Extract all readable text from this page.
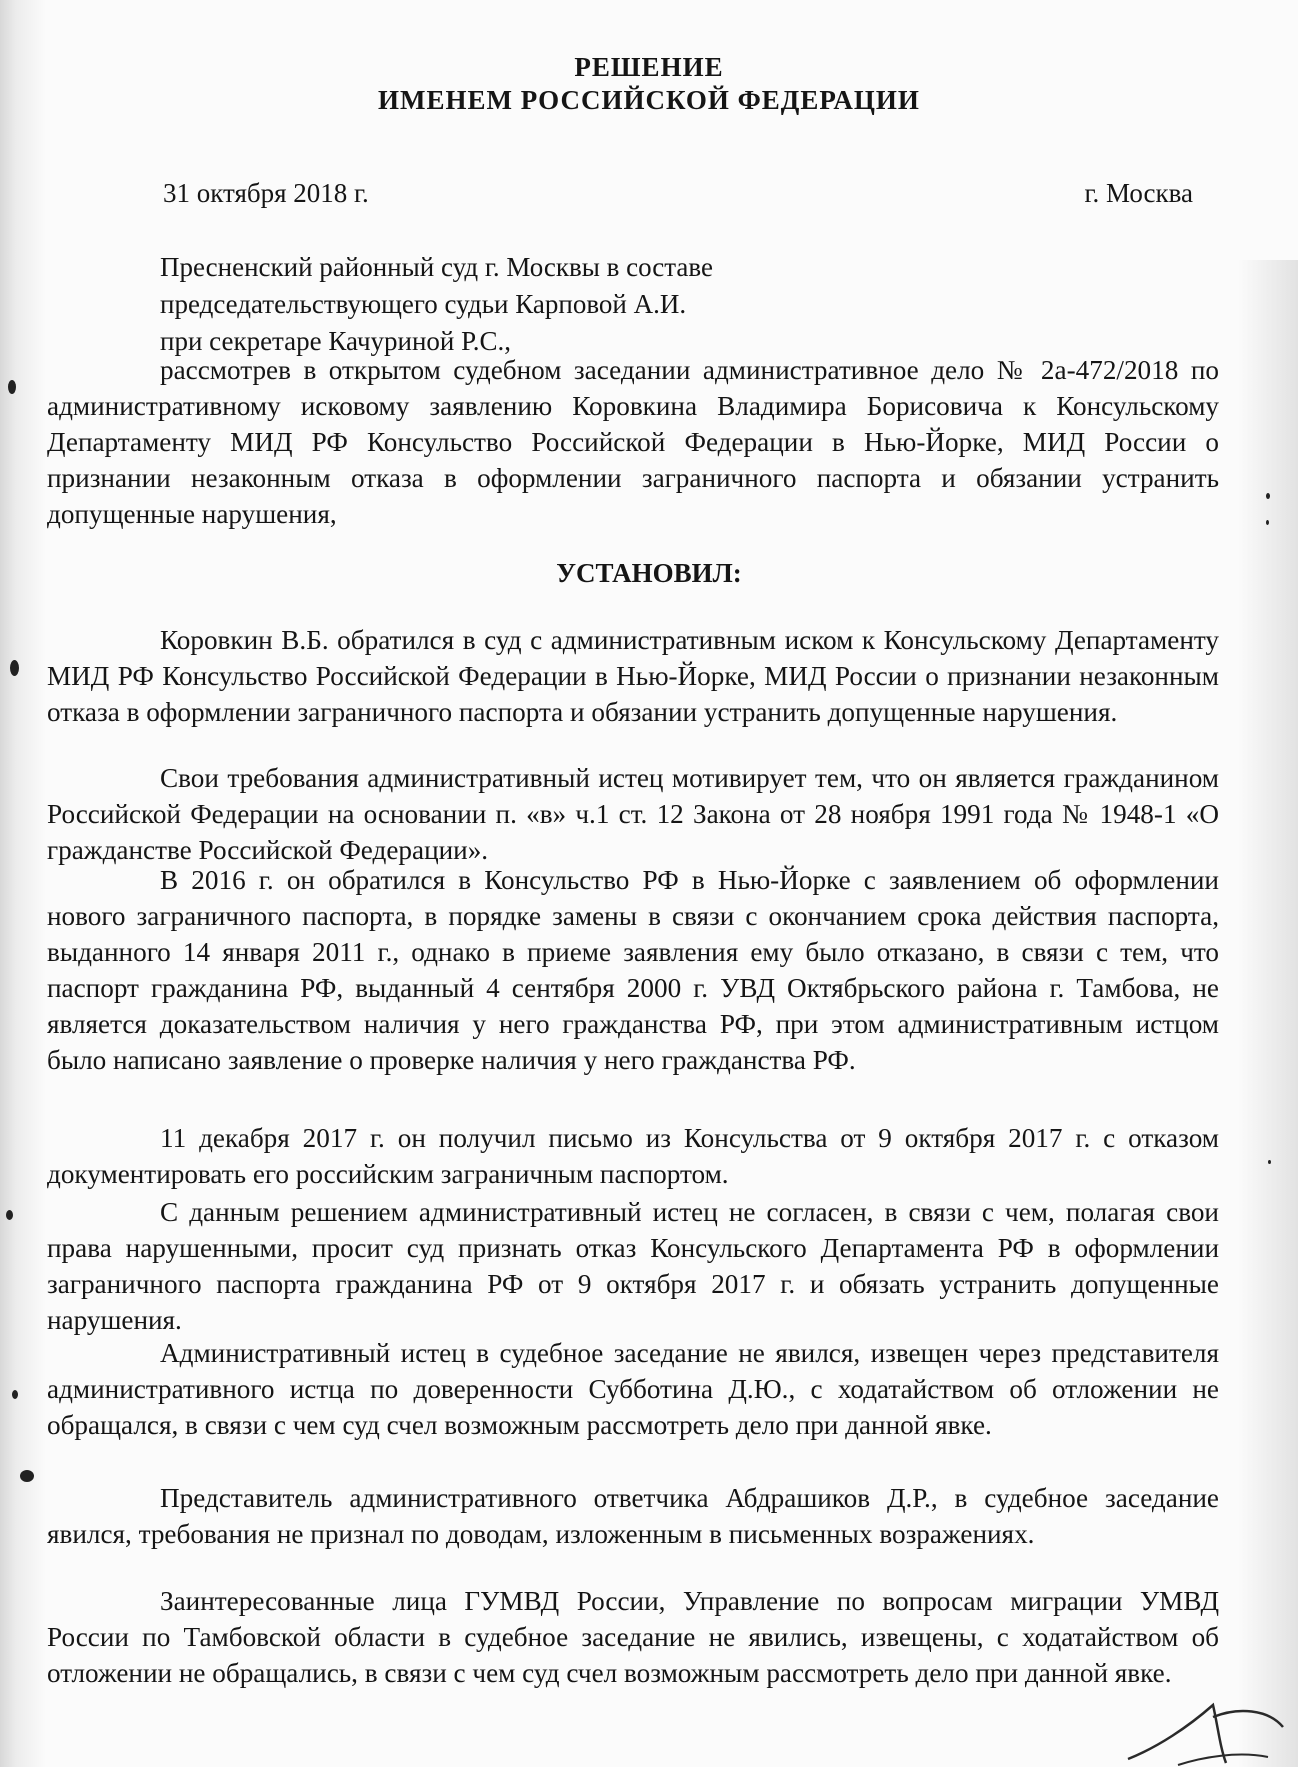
РЕШЕНИЕ
ИМЕНЕМ РОССИЙСКОЙ ФЕДЕРАЦИИ
31 октября 2018 г.	г. Москва
Пресненский районный суд г. Москвы в составе
председательствующего судьи Карповой А.И.
при секретаре Качуриной Р.С.,

рассмотрев в открытом судебном заседании административное дело № 2а-472/2018 по административному исковому заявлению Коровкина Владимира Борисовича к Консульскому Департаменту МИД РФ Консульство Российской Федерации в Нью-Йорке, МИД России о признании незаконным отказа в оформлении заграничного паспорта и обязании устранить допущенные нарушения,

УСТАНОВИЛ:

Коровкин В.Б. обратился в суд с административным иском к Консульскому Департаменту МИД РФ Консульство Российской Федерации в Нью-Йорке, МИД России о признании незаконным отказа в оформлении заграничного паспорта и обязании устранить допущенные нарушения.

Свои требования административный истец мотивирует тем, что он является гражданином Российской Федерации на основании п. «в» ч.1 ст. 12 Закона от 28 ноября 1991 года № 1948-1 «О гражданстве Российской Федерации».

В 2016 г. он обратился в Консульство РФ в Нью-Йорке с заявлением об оформлении нового заграничного паспорта, в порядке замены в связи с окончанием срока действия паспорта, выданного 14 января 2011 г., однако в приеме заявления ему было отказано, в связи с тем, что паспорт гражданина РФ, выданный 4 сентября 2000 г. УВД Октябрьского района г. Тамбова, не является доказательством наличия у него гражданства РФ, при этом административным истцом было написано заявление о проверке наличия у него гражданства РФ.

11 декабря 2017 г. он получил письмо из Консульства от 9 октября 2017 г. с отказом документировать его российским заграничным паспортом.

С данным решением административный истец не согласен, в связи с чем, полагая свои права нарушенными, просит суд признать отказ Консульского Департамента РФ в оформлении заграничного паспорта гражданина РФ от 9 октября 2017 г. и обязать устранить допущенные нарушения.

Административный истец в судебное заседание не явился, извещен через представителя административного истца по доверенности Субботина Д.Ю., с ходатайством об отложении не обращался, в связи с чем суд счел возможным рассмотреть дело при данной явке.

Представитель административного ответчика Абдрашиков Д.Р., в судебное заседание явился, требования не признал по доводам, изложенным в письменных возражениях.

Заинтересованные лица ГУМВД России, Управление по вопросам миграции УМВД России по Тамбовской области в судебное заседание не явились, извещены, с ходатайством об отложении не обращались, в связи с чем суд счел возможным рассмотреть дело при данной явке.
